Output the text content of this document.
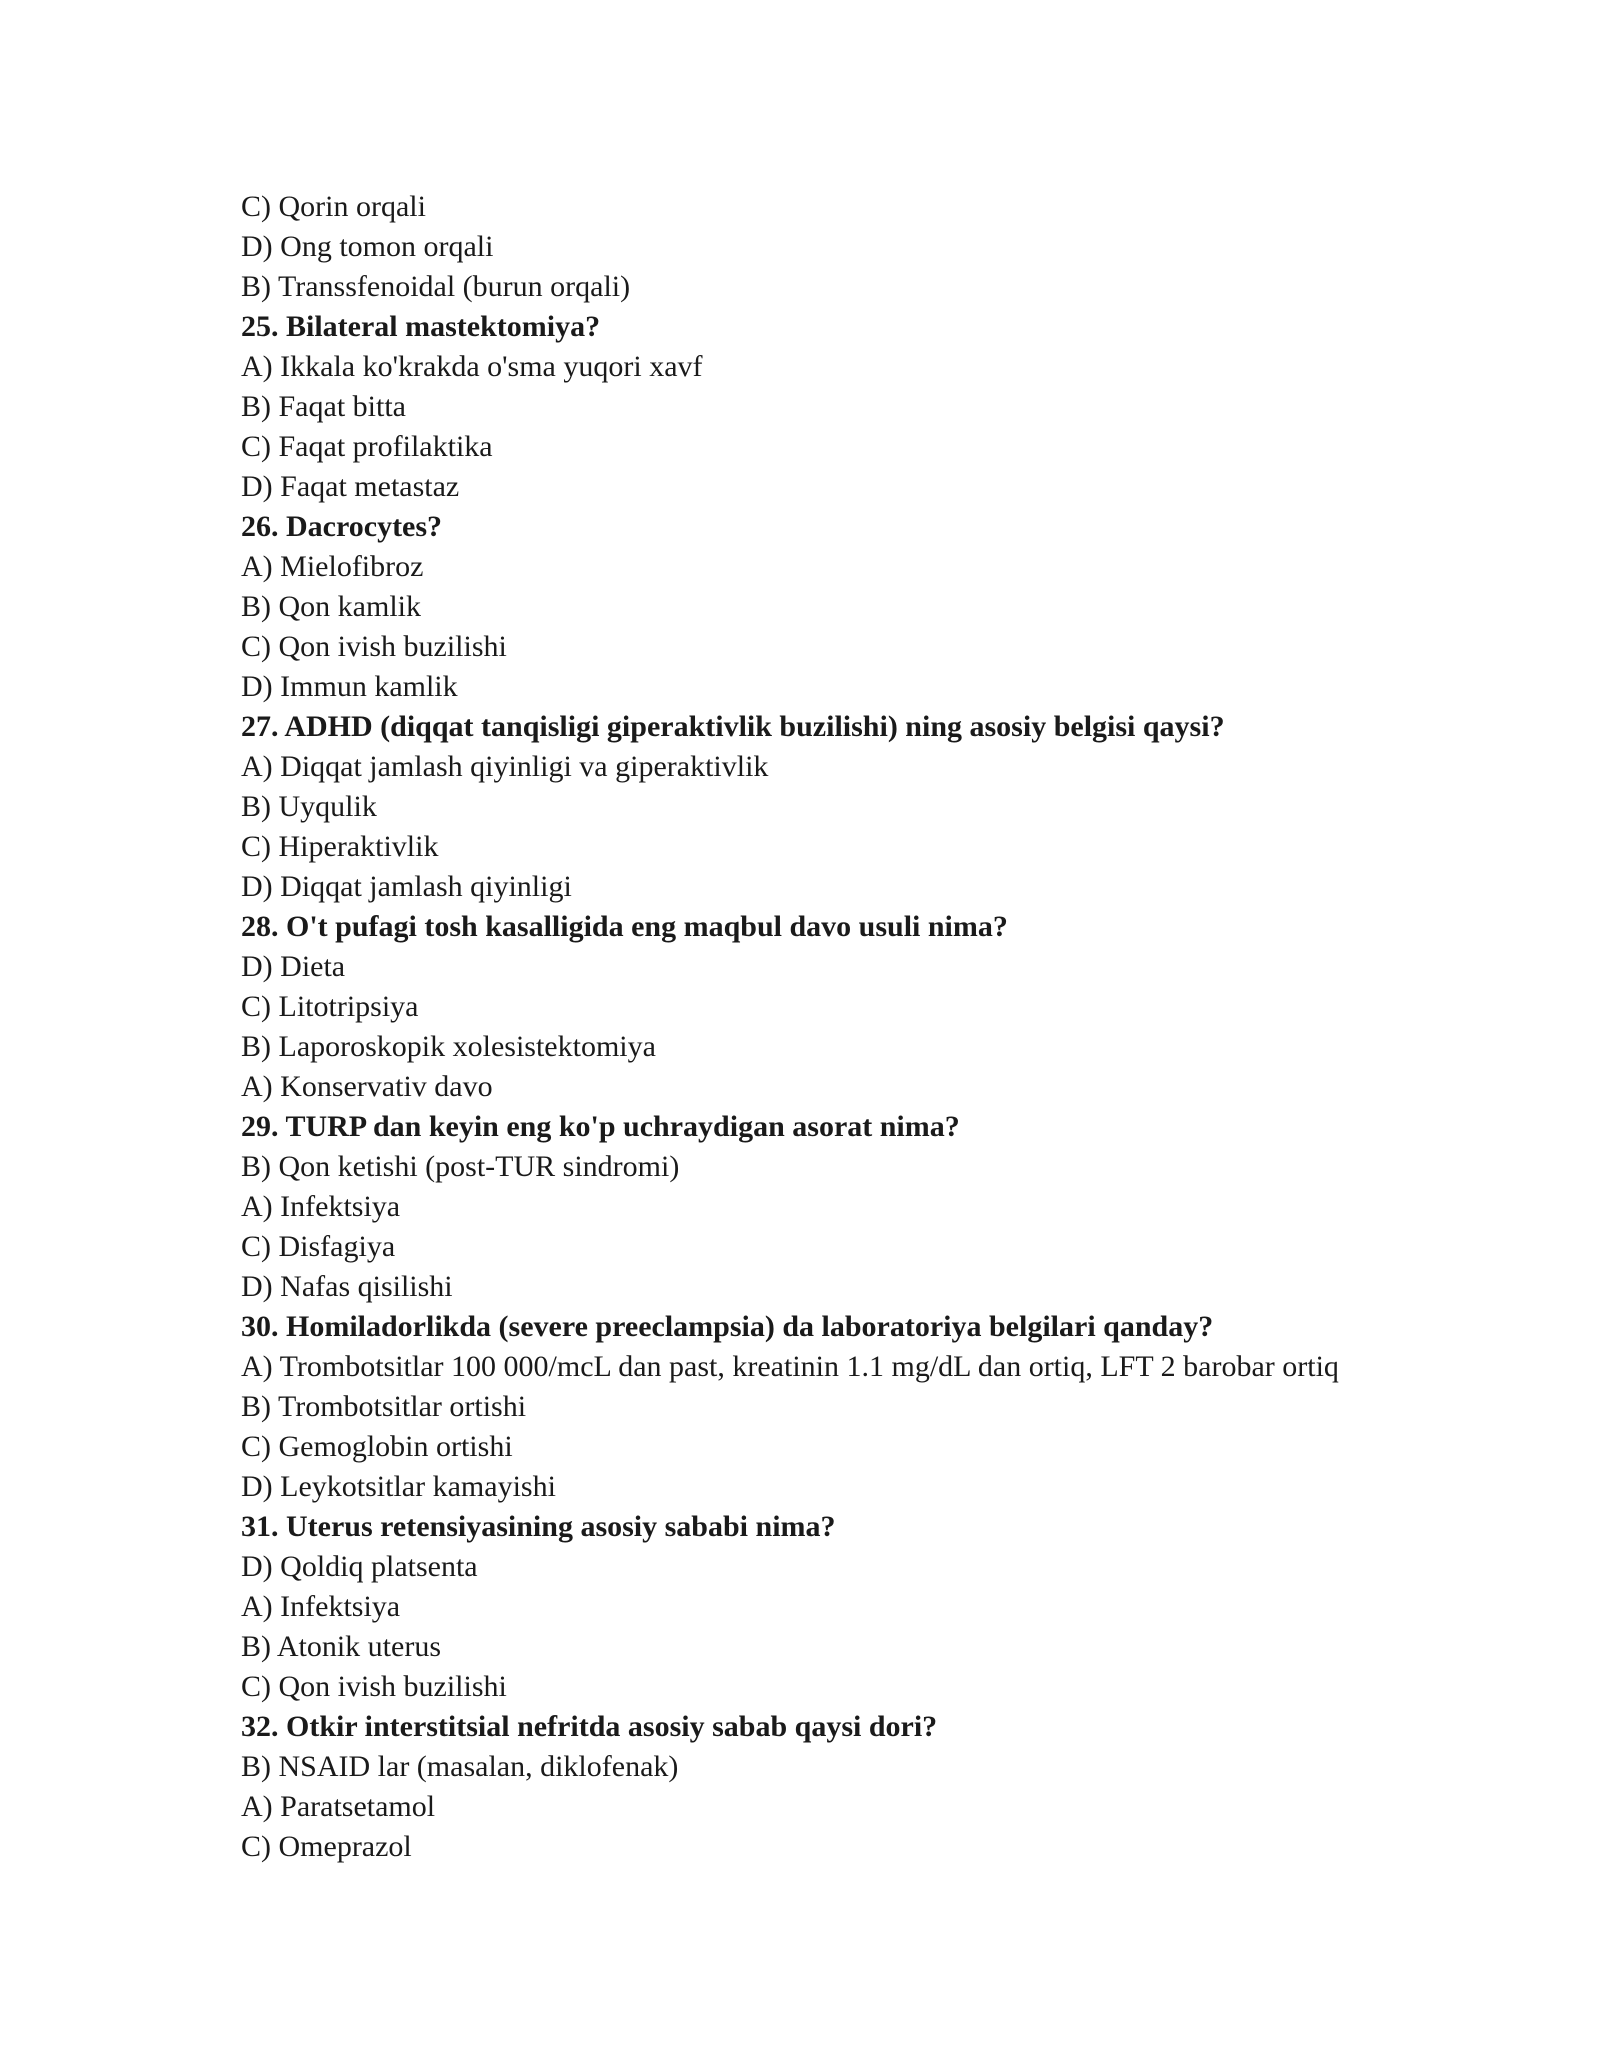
C) Qorin orqali
D) Ong tomon orqali
B) Transsfenoidal (burun orqali)
25. Bilateral mastektomiya?
A) Ikkala ko'krakda o'sma yuqori xavf
B) Faqat bitta
C) Faqat profilaktika
D) Faqat metastaz
26. Dacrocytes?
A) Mielofibroz
B) Qon kamlik
C) Qon ivish buzilishi
D) Immun kamlik
27. ADHD (diqqat tanqisligi giperaktivlik buzilishi) ning asosiy belgisi qaysi?
A) Diqqat jamlash qiyinligi va giperaktivlik
B) Uyqulik
C) Hiperaktivlik
D) Diqqat jamlash qiyinligi
28. O't pufagi tosh kasalligida eng maqbul davo usuli nima?
D) Dieta
C) Litotripsiya
B) Laporoskopik xolesistektomiya
A) Konservativ davo
29. TURP dan keyin eng ko'p uchraydigan asorat nima?
B) Qon ketishi (post-TUR sindromi)
A) Infektsiya
C) Disfagiya
D) Nafas qisilishi
30. Homiladorlikda (severe preeclampsia) da laboratoriya belgilari qanday?
A) Trombotsitlar 100 000/mcL dan past, kreatinin 1.1 mg/dL dan ortiq, LFT 2 barobar ortiq
B) Trombotsitlar ortishi
C) Gemoglobin ortishi
D) Leykotsitlar kamayishi
31. Uterus retensiyasining asosiy sababi nima?
D) Qoldiq platsenta
A) Infektsiya
B) Atonik uterus
C) Qon ivish buzilishi
32. Otkir interstitsial nefritda asosiy sabab qaysi dori?
B) NSAID lar (masalan, diklofenak)
A) Paratsetamol
C) Omeprazol
